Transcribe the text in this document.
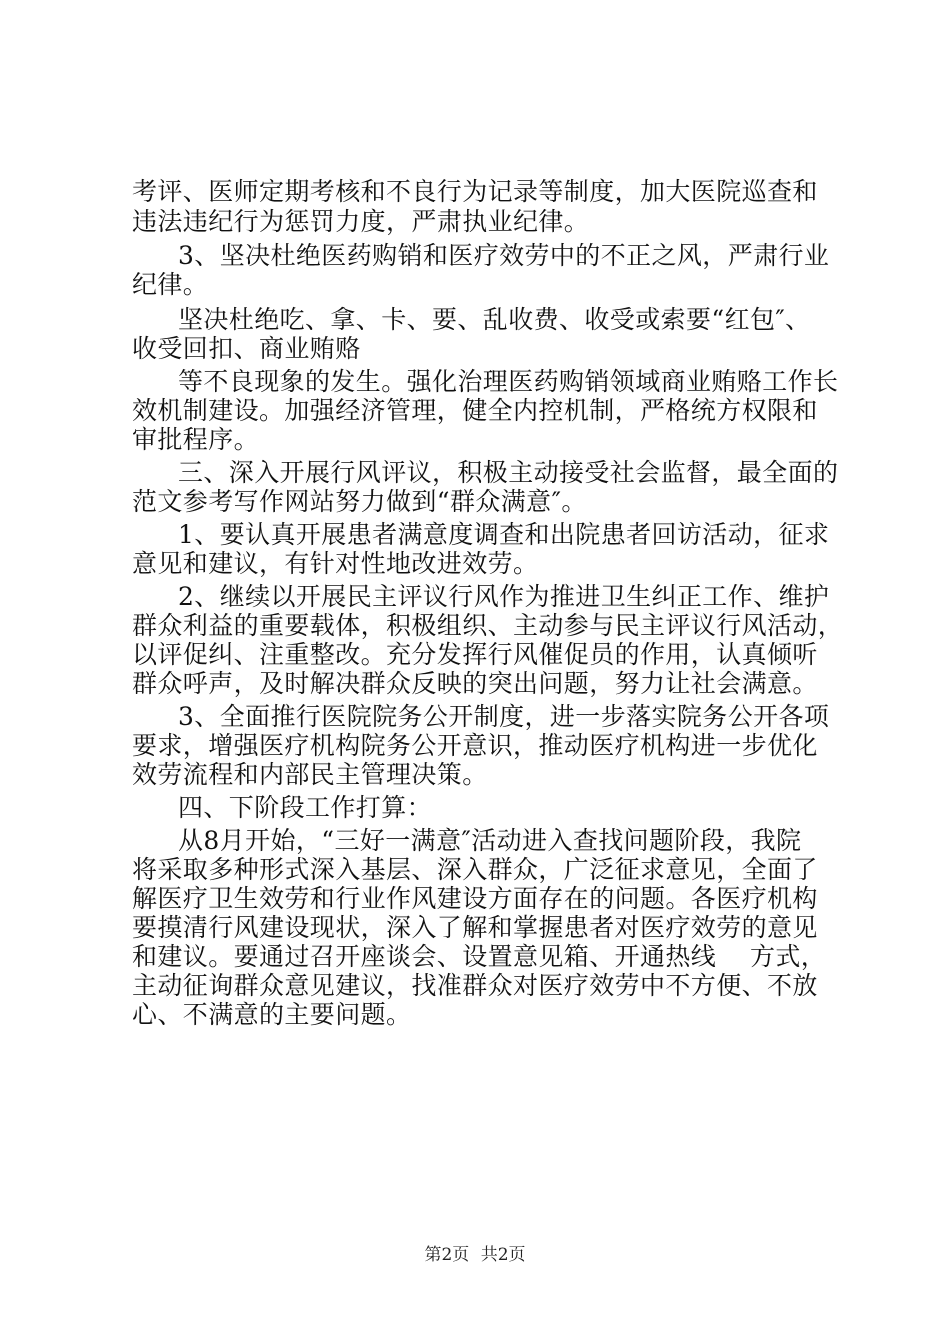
考评、医师定期考核和不良行为记录等制度，加大医院巡查和
违法违纪行为惩罚力度，严肃执业纪律。
3、坚决杜绝医药购销和医疗效劳中的不正之风，严肃行业
纪律。
坚决杜绝吃、拿、卡、要、乱收费、收受或索要“红包″、
收受回扣、商业贿赂
等不良现象的发生。强化治理医药购销领域商业贿赂工作长
效机制建设。加强经济管理，健全内控机制，严格统方权限和
审批程序。
三、深入开展行风评议，积极主动接受社会监督，最全面的
范文参考写作网站努力做到“群众满意″。
1、要认真开展患者满意度调查和出院患者回访活动，征求
意见和建议，有针对性地改进效劳。
2、继续以开展民主评议行风作为推进卫生纠正工作、维护
群众利益的重要载体，积极组织、主动参与民主评议行风活动，
以评促纠、注重整改。充分发挥行风催促员的作用，认真倾听
群众呼声，及时解决群众反映的突出问题，努力让社会满意。
3、全面推行医院院务公开制度，进一步落实院务公开各项
要求，增强医疗机构院务公开意识，推动医疗机构进一步优化
效劳流程和内部民主管理决策。
四、下阶段工作打算：
从8月开始，“三好一满意″活动进入查找问题阶段，我院
将采取多种形式深入基层、深入群众，广泛征求意见，全面了
解医疗卫生效劳和行业作风建设方面存在的问题。各医疗机构
要摸清行风建设现状，深入了解和掌握患者对医疗效劳的意见
和建议。要通过召开座谈会、设置意见箱、开通热线　 方式，
主动征询群众意见建议，找准群众对医疗效劳中不方便、不放
心、不满意的主要问题。
第2页 共2页
